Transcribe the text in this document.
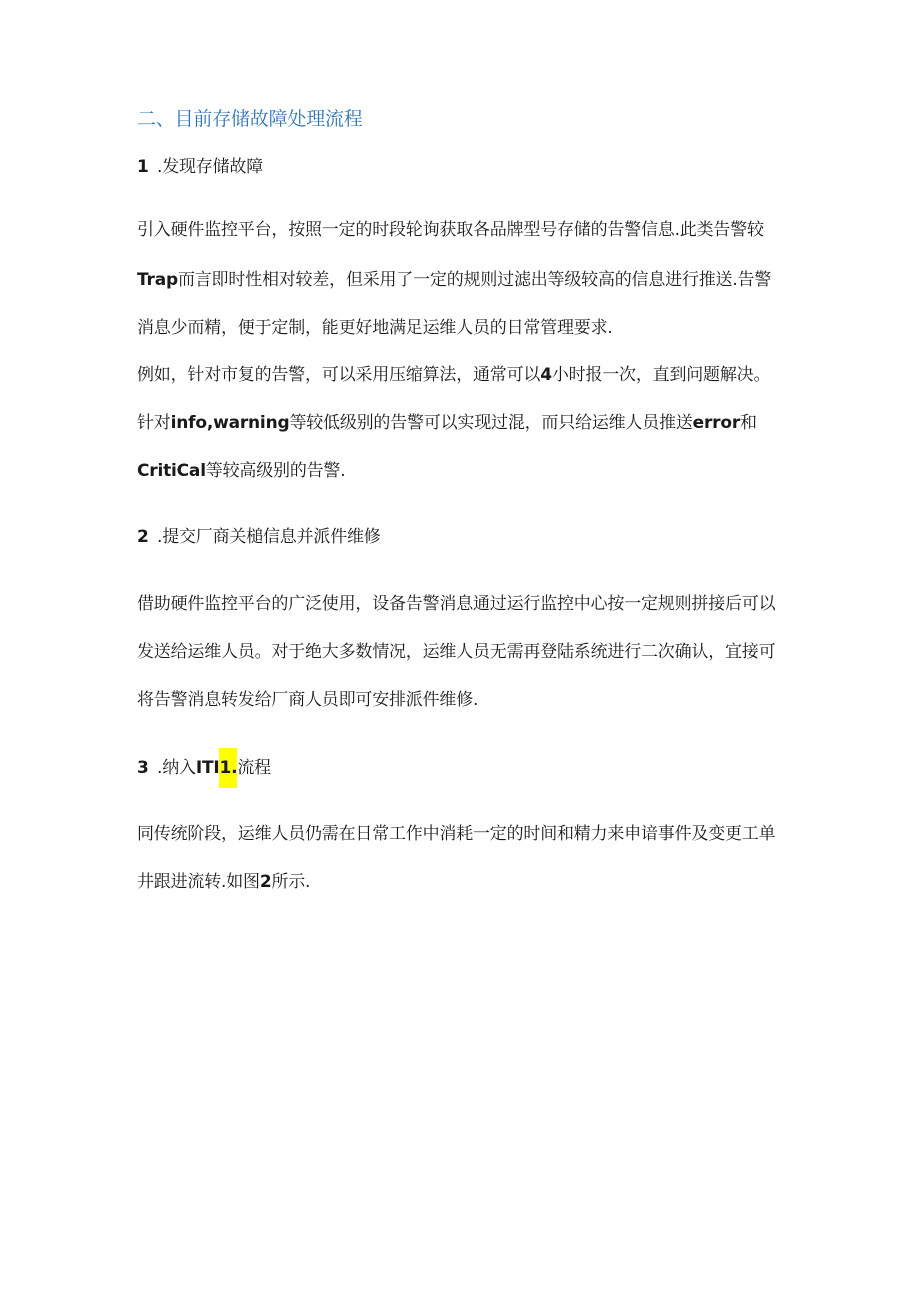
二、目前存储故障处理流程
1 .发现存储故障
引入硬件监控平台，按照一定的时段轮询获取各品牌型号存储的告警信息.此类告警较
Trap而言即时性相对较差，但采用了一定的规则过滤出等级较高的信息进行推送.告警
消息少而精，便于定制，能更好地满足运维人员的日常管理要求.
例如，针对市复的告警，可以采用压缩算法，通常可以4小时报一次，直到问题解决。
针对info,warning等较低级别的告警可以实现过混，而只给运维人员推送error和
CritiCal等较高级别的告警.
2 .提交厂商关槌信息并派件维修
借助硬件监控平台的广泛使用，设备告警消息通过运行监控中心按一定规则拼接后可以
发送给运维人员。对于绝大多数情况，运维人员无需再登陆系统进行二次确认，宜接可
将告警消息转发给厂商人员即可安排派件维修.
3 .纳入ITI1.流程
同传统阶段，运维人员仍需在日常工作中消耗一定的时间和精力来申谙事件及变更工单
井跟进流转.如图2所示.
